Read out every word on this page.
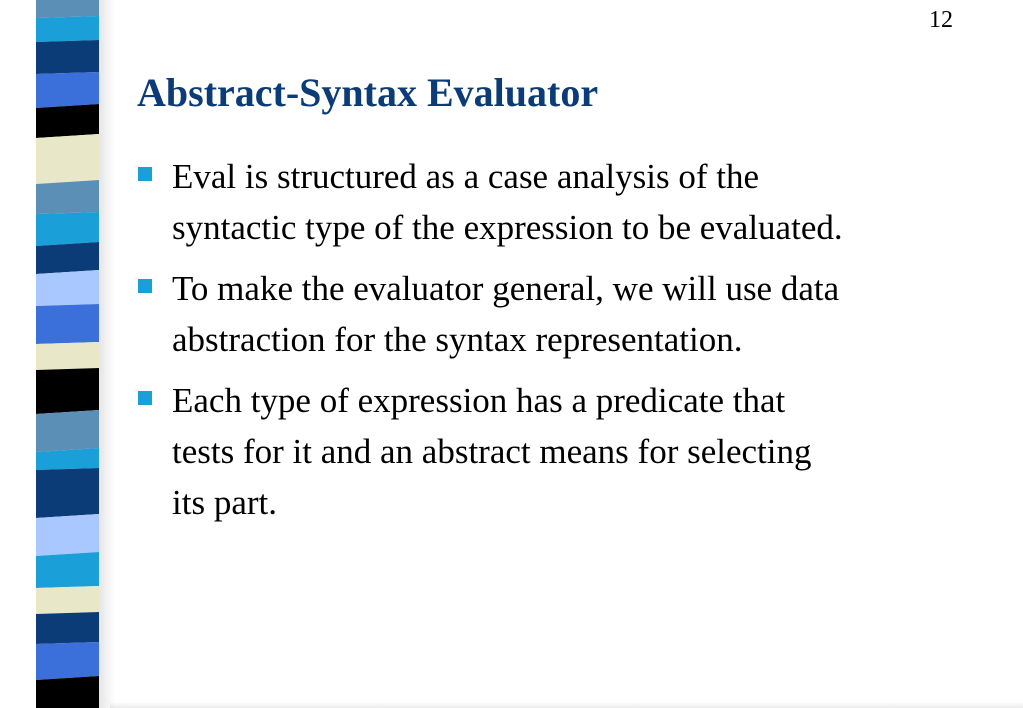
12
Abstract-Syntax Evaluator
Eval is structured as a case analysis of the
syntactic type of the expression to be evaluated.
To make the evaluator general, we will use data
abstraction for the syntax representation.
Each type of expression has a predicate that
tests for it and an abstract means for selecting
its part.
